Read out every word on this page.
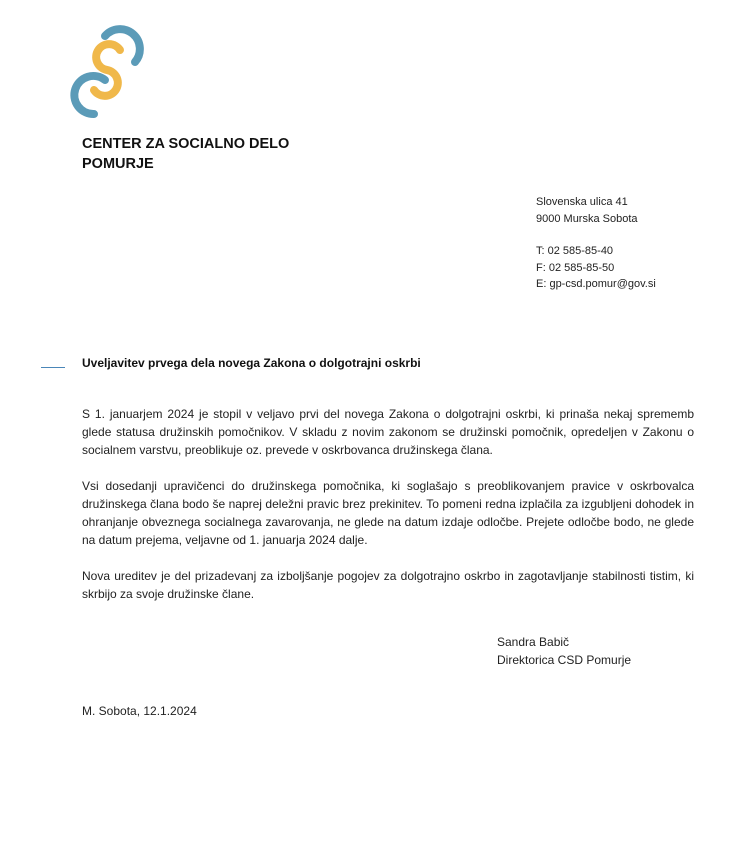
CENTER ZA SOCIALNO DELO
POMURJE
Slovenska ulica 41
9000 Murska Sobota
T: 02 585-85-40
F: 02 585-85-50
E: gp-csd.pomur@gov.si
Uveljavitev prvega dela novega Zakona o dolgotrajni oskrbi

S 1. januarjem 2024 je stopil v veljavo prvi del novega Zakona o dolgotrajni oskrbi, ki prinaša nekaj sprememb glede statusa družinskih pomočnikov. V skladu z novim zakonom se družinski pomočnik, opredeljen v Zakonu o socialnem varstvu, preoblikuje oz. prevede v oskrbovanca družinskega člana.

Vsi dosedanji upravičenci do družinskega pomočnika, ki soglašajo s preoblikovanjem pravice v oskrbovalca družinskega člana bodo še naprej deležni pravic brez prekinitev. To pomeni redna izplačila za izgubljeni dohodek in ohranjanje obveznega socialnega zavarovanja, ne glede na datum izdaje odločbe. Prejete odločbe bodo, ne glede na datum prejema, veljavne od 1. januarja 2024 dalje.

Nova ureditev je del prizadevanj za izboljšanje pogojev za dolgotrajno oskrbo in zagotavljanje stabilnosti tistim, ki skrbijo za svoje družinske člane.

Sandra Babič
Direktorica CSD Pomurje
M. Sobota, 12.1.2024
